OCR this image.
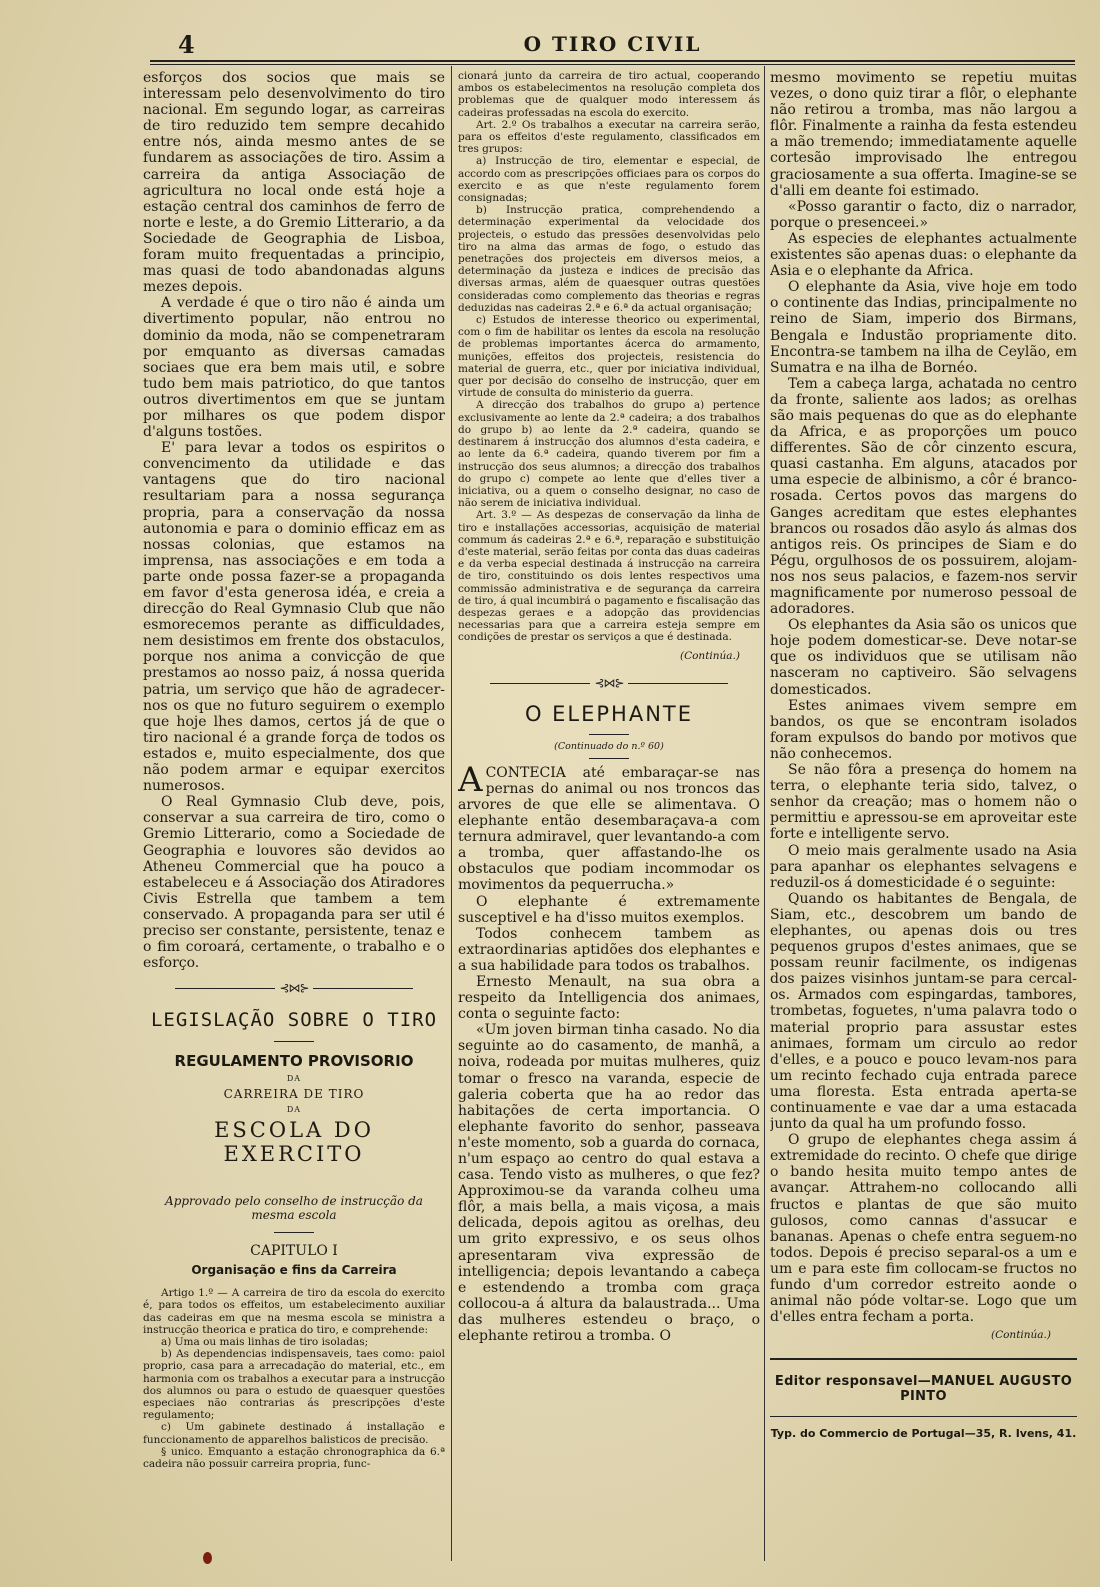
4	O TIRO CIVIL

esforços dos socios que mais se interessam pelo desenvolvimento do tiro nacional. Em segundo logar, as carreiras de tiro reduzido tem sempre decahido entre nós, ainda mesmo antes de se fundarem as associações de tiro. Assim a carreira da antiga Associação de agricultura no local onde está hoje a estação central dos caminhos de ferro de norte e leste, a do Gremio Litterario, a da Sociedade de Geographia de Lisboa, foram muito frequentadas a principio, mas quasi de todo abandonadas alguns mezes depois.

A verdade é que o tiro não é ainda um divertimento popular, não entrou no dominio da moda, não se compenetraram por emquanto as diversas camadas sociaes que era bem mais util, e sobre tudo bem mais patriotico, do que tantos outros divertimentos em que se juntam por milhares os que podem dispor d'alguns tostões.

E' para levar a todos os espiritos o convencimento da utilidade e das vantagens que do tiro nacional resultariam para a nossa segurança propria, para a conservação da nossa autonomia e para o dominio efficaz em as nossas colonias, que estamos na imprensa, nas associações e em toda a parte onde possa fazer-se a propaganda em favor d'esta generosa idéa, e creia a direcção do Real Gymnasio Club que não esmorecemos perante as difficuldades, nem desistimos em frente dos obstaculos, porque nos anima a convicção de que prestamos ao nosso paiz, á nossa querida patria, um serviço que hão de agradecer-nos os que no futuro seguirem o exemplo que hoje lhes damos, certos já de que o tiro nacional é a grande força de todos os estados e, muito especialmente, dos que não podem armar e equipar exercitos numerosos.

O Real Gymnasio Club deve, pois, conservar a sua carreira de tiro, como o Gremio Litterario, como a Sociedade de Geographia e louvores são devidos ao Atheneu Commercial que ha pouco a estabeleceu e á Associação dos Atiradores Civis Estrella que tambem a tem conservado. A propaganda para ser util é preciso ser constante, persistente, tenaz e o fim coroará, certamente, o trabalho e o esforço.

⊰⋈⊱
LEGISLAÇÃO SOBRE O TIRO
REGULAMENTO PROVISORIO
DA
CARREIRA DE TIRO
DA
ESCOLA DO EXERCITO
Approvado pelo conselho de instrucção da mesma escola
CAPITULO I
Organisação e fins da Carreira

Artigo 1.º — A carreira de tiro da escola do exercito é, para todos os effeitos, um estabelecimento auxiliar das cadeiras em que na mesma escola se ministra a instrucção theorica e pratica do tiro, e comprehende:

a) Uma ou mais linhas de tiro isoladas;

b) As dependencias indispensaveis, taes como: paiol proprio, casa para a arrecadação do material, etc., em harmonia com os trabalhos a executar para a instrucção dos alumnos ou para o estudo de quaesquer questões especiaes não contrarias ás prescripções d'este regulamento;

c) Um gabinete destinado á installação e funccionamento de apparelhos balisticos de precisão.

§ unico. Emquanto a estação chronographica da 6.ª cadeira não possuir carreira propria, func-

cionará junto da carreira de tiro actual, cooperando ambos os estabelecimentos na resolução completa dos problemas que de qualquer modo interessem ás cadeiras professadas na escola do exercito.

Art. 2.º Os trabalhos a executar na carreira serão, para os effeitos d'este regulamento, classificados em tres grupos:

a) Instrucção de tiro, elementar e especial, de accordo com as prescripções officiaes para os corpos do exercito e as que n'este regulamento forem consignadas;

b) Instrucção pratica, comprehendendo a determinação experimental da velocidade dos projecteis, o estudo das pressões desenvolvidas pelo tiro na alma das armas de fogo, o estudo das penetrações dos projecteis em diversos meios, a determinação da justeza e indices de precisão das diversas armas, além de quaesquer outras questões consideradas como complemento das theorias e regras deduzidas nas cadeiras 2.ª e 6.ª da actual organisação;

c) Estudos de interesse theorico ou experimental, com o fim de habilitar os lentes da escola na resolução de problemas importantes ácerca do armamento, munições, effeitos dos projecteis, resistencia do material de guerra, etc., quer por iniciativa individual, quer por decisão do conselho de instrucção, quer em virtude de consulta do ministerio da guerra.

A direcção dos trabalhos do grupo a) pertence exclusivamente ao lente da 2.ª cadeira; a dos trabalhos do grupo b) ao lente da 2.ª cadeira, quando se destinarem á instrucção dos alumnos d'esta cadeira, e ao lente da 6.ª cadeira, quando tiverem por fim a instrucção dos seus alumnos; a direcção dos trabalhos do grupo c) compete ao lente que d'elles tiver a iniciativa, ou a quem o conselho designar, no caso de não serem de iniciativa individual.

Art. 3.º — As despezas de conservação da linha de tiro e installações accessorias, acquisição de material commum ás cadeiras 2.ª e 6.ª, reparação e substituição d'este material, serão feitas por conta das duas cadeiras e da verba especial destinada á instrucção na carreira de tiro, constituindo os dois lentes respectivos uma commissão administrativa e de segurança da carreira de tiro, á qual incumbirá o pagamento e fiscalisação das despezas geraes e a adopção das providencias necessarias para que a carreira esteja sempre em condições de prestar os serviços a que é destinada.

(Continúa.)

⊰⋈⊱
O ELEPHANTE
(Continuado do n.º 60)

ACONTECIA até embaraçar-se nas pernas do animal ou nos troncos das arvores de que elle se alimentava. O elephante então desembaraçava-a com ternura admiravel, quer levantando-a com a tromba, quer affastando-lhe os obstaculos que podiam incommodar os movimentos da pequerrucha.»

O elephante é extremamente susceptivel e ha d'isso muitos exemplos.

Todos conhecem tambem as extraordinarias aptidões dos elephantes e a sua habilidade para todos os trabalhos.

Ernesto Menault, na sua obra a respeito da Intelligencia dos animaes, conta o seguinte facto:

«Um joven birman tinha casado. No dia seguinte ao do casamento, de manhã, a noiva, rodeada por muitas mulheres, quiz tomar o fresco na varanda, especie de galeria coberta que ha ao redor das habitações de certa importancia. O elephante favorito do senhor, passeava n'este momento, sob a guarda do cornaca, n'um espaço ao centro do qual estava a casa. Tendo visto as mulheres, o que fez? Approximou-se da varanda colheu uma flôr, a mais bella, a mais viçosa, a mais delicada, depois agitou as orelhas, deu um grito expressivo, e os seus olhos apresentaram viva expressão de intelligencia; depois levantando a cabeça e estendendo a tromba com graça collocou-a á altura da balaustrada... Uma das mulheres estendeu o braço, o elephante retirou a tromba. O

mesmo movimento se repetiu muitas vezes, o dono quiz tirar a flôr, o elephante não retirou a tromba, mas não largou a flôr. Finalmente a rainha da festa estendeu a mão tremendo; immediatamente aquelle cortesão improvisado lhe entregou graciosamente a sua offerta. Imagine-se se d'alli em deante foi estimado.

«Posso garantir o facto, diz o narrador, porque o presenceei.»

As especies de elephantes actualmente existentes são apenas duas: o elephante da Asia e o elephante da Africa.

O elephante da Asia, vive hoje em todo o continente das Indias, principalmente no reino de Siam, imperio dos Birmans, Bengala e Industão propriamente dito. Encontra-se tambem na ilha de Ceylão, em Sumatra e na ilha de Bornéo.

Tem a cabeça larga, achatada no centro da fronte, saliente aos lados; as orelhas são mais pequenas do que as do elephante da Africa, e as proporções um pouco differentes. São de côr cinzento escura, quasi castanha. Em alguns, atacados por uma especie de albinismo, a côr é branco-rosada. Certos povos das margens do Ganges acreditam que estes elephantes brancos ou rosados dão asylo ás almas dos antigos reis. Os principes de Siam e do Pégu, orgulhosos de os possuirem, alojam-nos nos seus palacios, e fazem-nos servir magnificamente por numeroso pessoal de adoradores.

Os elephantes da Asia são os unicos que hoje podem domesticar-se. Deve notar-se que os individuos que se utilisam não nasceram no captiveiro. São selvagens domesticados.

Estes animaes vivem sempre em bandos, os que se encontram isolados foram expulsos do bando por motivos que não conhecemos.

Se não fôra a presença do homem na terra, o elephante teria sido, talvez, o senhor da creação; mas o homem não o permittiu e apressou-se em aproveitar este forte e intelligente servo.

O meio mais geralmente usado na Asia para apanhar os elephantes selvagens e reduzil-os á domesticidade é o seguinte:

Quando os habitantes de Bengala, de Siam, etc., descobrem um bando de elephantes, ou apenas dois ou tres pequenos grupos d'estes animaes, que se possam reunir facilmente, os indigenas dos paizes visinhos juntam-se para cercal-os. Armados com espingardas, tambores, trombetas, foguetes, n'uma palavra todo o material proprio para assustar estes animaes, formam um circulo ao redor d'elles, e a pouco e pouco levam-nos para um recinto fechado cuja entrada parece uma floresta. Esta entrada aperta-se continuamente e vae dar a uma estacada junto da qual ha um profundo fosso.

O grupo de elephantes chega assim á extremidade do recinto. O chefe que dirige o bando hesita muito tempo antes de avançar. Attrahem-no collocando alli fructos e plantas de que são muito gulosos, como cannas d'assucar e bananas. Apenas o chefe entra seguem-no todos. Depois é preciso separal-os a um e um e para este fim collocam-se fructos no fundo d'um corredor estreito aonde o animal não póde voltar-se. Logo que um d'elles entra fecham a porta.

(Continúa.)

Editor responsavel—MANUEL AUGUSTO PINTO
Typ. do Commercio de Portugal—35, R. Ivens, 41.
